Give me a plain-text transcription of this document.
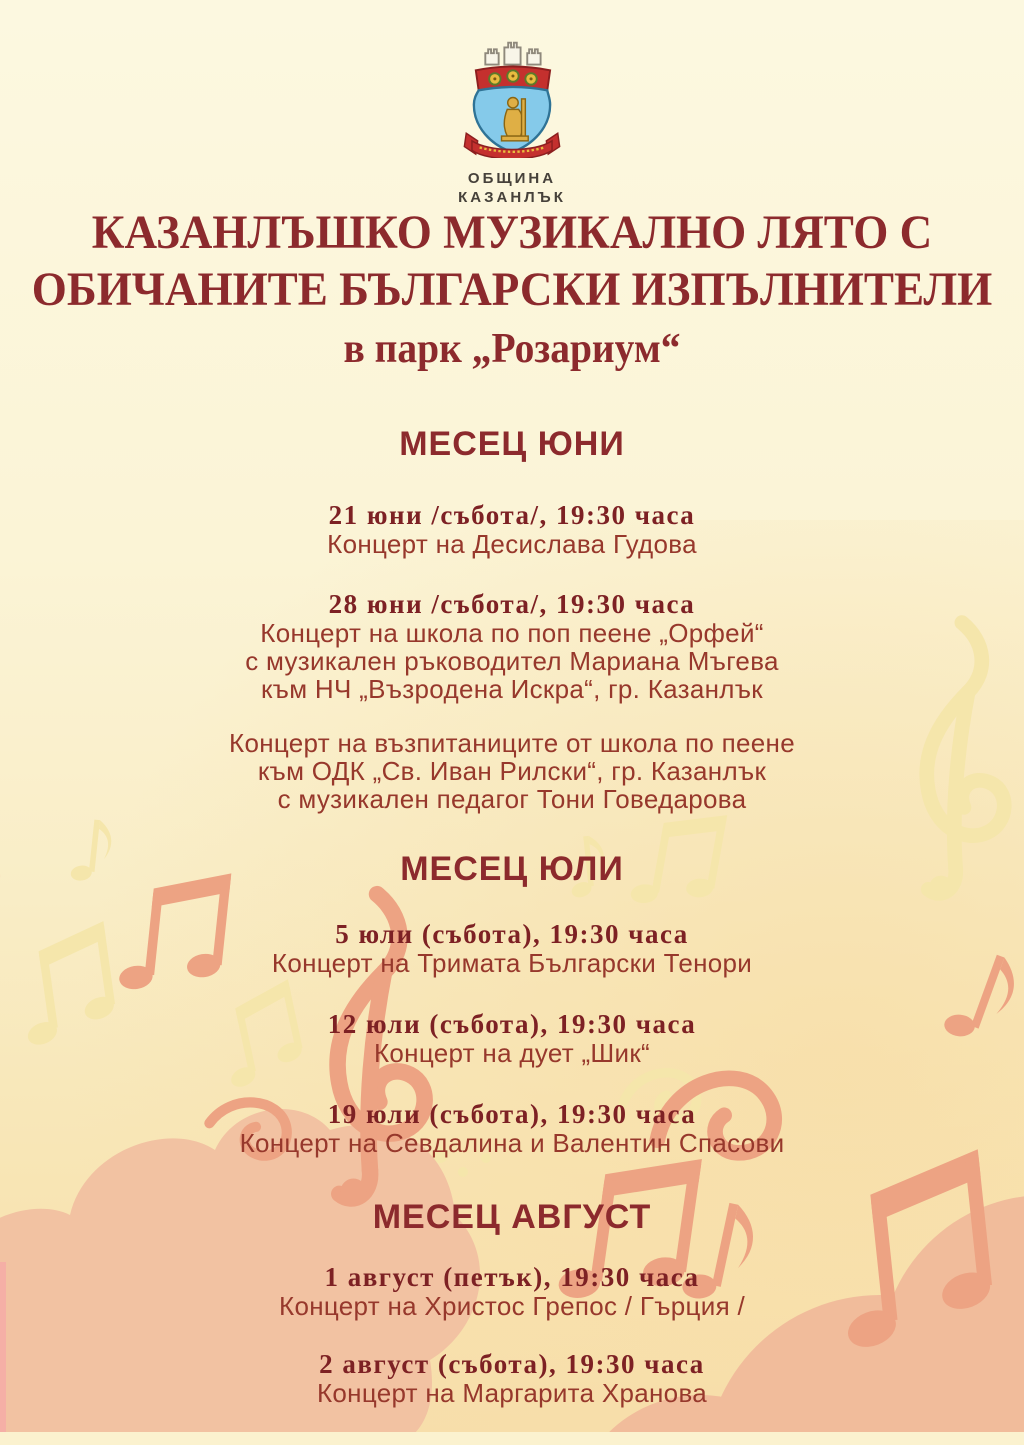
ОБЩИНА
КАЗАНЛЪК
КАЗАНЛЪШКО МУЗИКАЛНО ЛЯТО С
ОБИЧАНИТЕ БЪЛГАРСКИ ИЗПЪЛНИТЕЛИ
в парк „Розариум“
МЕСЕЦ ЮНИ
21 юни /събота/, 19:30 часа
Концерт на Десислава Гудова
28 юни /събота/, 19:30 часа
Концерт на школа по поп пеене „Орфей“
с музикален ръководител Мариана Мъгева
към НЧ „Възродена Искра“, гр. Казанлък
Концерт на възпитаниците от школа по пеене
към ОДК „Св. Иван Рилски“, гр. Казанлък
с музикален педагог Тони Говедарова
МЕСЕЦ ЮЛИ
5 юли (събота), 19:30 часа
Концерт на Тримата Български Тенори
12 юли (събота), 19:30 часа
Концерт на дует „Шик“
19 юли (събота), 19:30 часа
Концерт на Севдалина и Валентин Спасови
МЕСЕЦ АВГУСТ
1 август (петък), 19:30 часа
Концерт на Христос Грепос / Гърция /
2 август (събота), 19:30 часа
Концерт на Маргарита Хранова
